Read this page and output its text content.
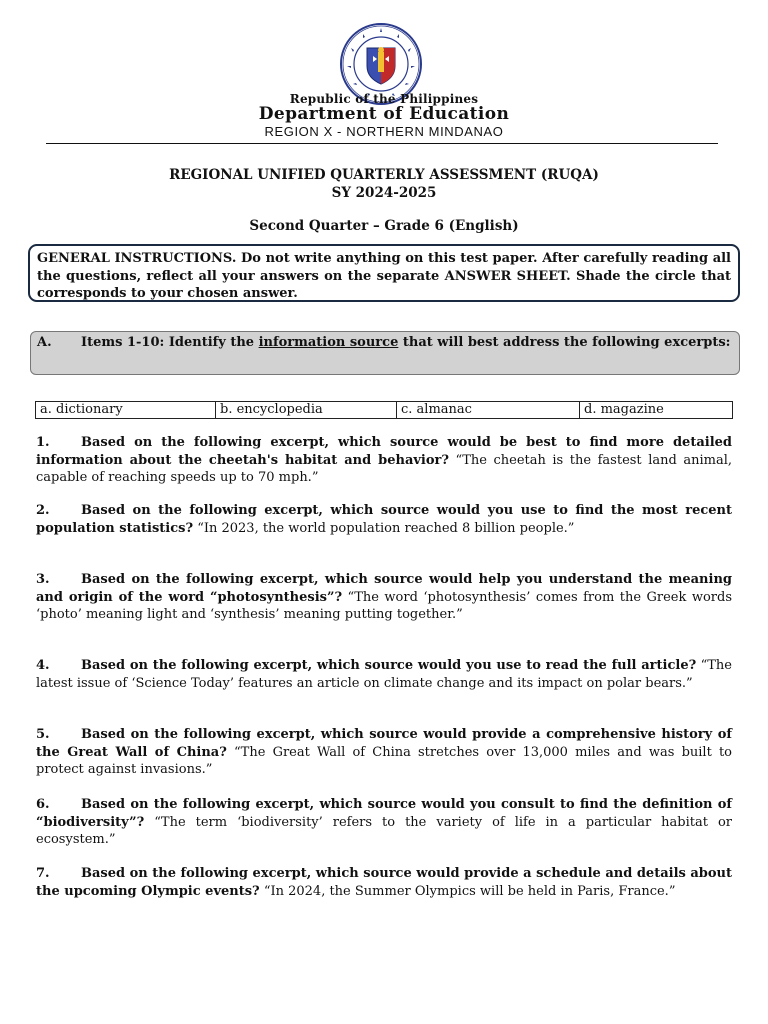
Republic of the Philippines
Department of Education
REGION X - NORTHERN MINDANAO
REGIONAL UNIFIED QUARTERLY ASSESSMENT (RUQA)
SY 2024-2025
Second Quarter – Grade 6 (English)
GENERAL INSTRUCTIONS. Do not write anything on this test paper. After carefully reading all the questions, reflect all your answers on the separate ANSWER SHEET. Shade the circle that corresponds to your chosen answer.
A. Items 1-10: Identify the information source that will best address the following excerpts:
a. dictionary	b. encyclopedia	c. almanac	d. magazine
1. Based on the following excerpt, which source would be best to find more detailed information about the cheetah's habitat and behavior? “The cheetah is the fastest land animal, capable of reaching speeds up to 70 mph.”
2. Based on the following excerpt, which source would you use to find the most recent population statistics? “In 2023, the world population reached 8 billion people.”
3. Based on the following excerpt, which source would help you understand the meaning and origin of the word “photosynthesis”? “The word ‘photosynthesis’ comes from the Greek words ‘photo’ meaning light and ‘synthesis’ meaning putting together.”
4. Based on the following excerpt, which source would you use to read the full article? “The latest issue of ‘Science Today’ features an article on climate change and its impact on polar bears.”
5. Based on the following excerpt, which source would provide a comprehensive history of the Great Wall of China? “The Great Wall of China stretches over 13,000 miles and was built to protect against invasions.”
6. Based on the following excerpt, which source would you consult to find the definition of “biodiversity”? “The term ‘biodiversity’ refers to the variety of life in a particular habitat or ecosystem.”
7. Based on the following excerpt, which source would provide a schedule and details about the upcoming Olympic events? “In 2024, the Summer Olympics will be held in Paris, France.”
